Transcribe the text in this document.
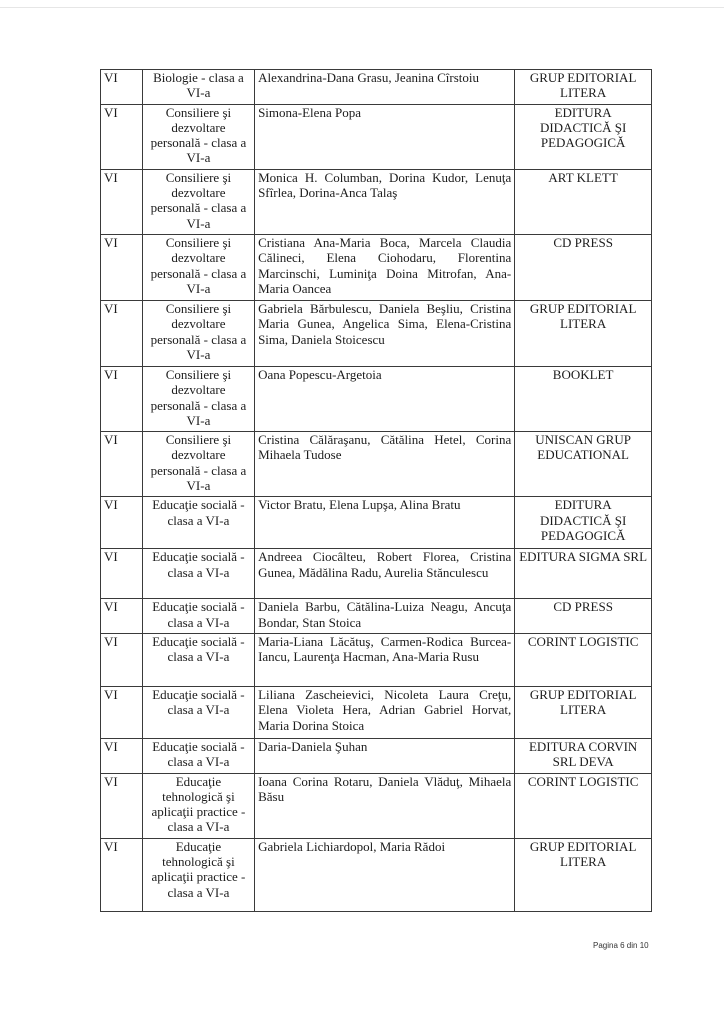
VI	Biologie - clasa a VI-a	Alexandrina-Dana Grasu, Jeanina Cîrstoiu	GRUP EDITORIAL LITERA
VI	Consiliere şi dezvoltare personală - clasa a VI-a	Simona-Elena Popa	EDITURA DIDACTICĂ ŞI PEDAGOGICĂ
VI	Consiliere şi dezvoltare personală - clasa a VI-a	Monica H. Columban, Dorina Kudor, Lenuţa Sfîrlea, Dorina-Anca Talaş	ART KLETT
VI	Consiliere şi dezvoltare personală - clasa a VI-a	Cristiana Ana-Maria Boca, Marcela Claudia Călineci, Elena Ciohodaru, Florentina Marcinschi, Luminiţa Doina Mitrofan, Ana-Maria Oancea	CD PRESS
VI	Consiliere şi dezvoltare personală - clasa a VI-a	Gabriela Bărbulescu, Daniela Beşliu, Cristina Maria Gunea, Angelica Sima, Elena-Cristina Sima, Daniela Stoicescu	GRUP EDITORIAL LITERA
VI	Consiliere şi dezvoltare personală - clasa a VI-a	Oana Popescu-Argetoia	BOOKLET
VI	Consiliere şi dezvoltare personală - clasa a VI-a	Cristina Călăraşanu, Cătălina Hetel, Corina Mihaela Tudose	UNISCAN GRUP EDUCATIONAL
VI	Educaţie socială - clasa a VI-a	Victor Bratu, Elena Lupşa, Alina Bratu	EDITURA DIDACTICĂ ŞI PEDAGOGICĂ
VI	Educaţie socială - clasa a VI-a	Andreea Ciocâlteu, Robert Florea, Cristina Gunea, Mădălina Radu, Aurelia Stănculescu	EDITURA SIGMA SRL
VI	Educaţie socială - clasa a VI-a	Daniela Barbu, Cătălina-Luiza Neagu, Ancuţa Bondar, Stan Stoica	CD PRESS
VI	Educaţie socială - clasa a VI-a	Maria-Liana Lăcătuş, Carmen-Rodica Burcea-Iancu, Laurenţa Hacman, Ana-Maria Rusu	CORINT LOGISTIC
VI	Educaţie socială - clasa a VI-a	Liliana Zascheievici, Nicoleta Laura Creţu, Elena Violeta Hera, Adrian Gabriel Horvat, Maria Dorina Stoica	GRUP EDITORIAL LITERA
VI	Educaţie socială - clasa a VI-a	Daria-Daniela Şuhan	EDITURA CORVIN SRL DEVA
VI	Educaţie tehnologică şi aplicaţii practice - clasa a VI-a	Ioana Corina Rotaru, Daniela Vlăduţ, Mihaela Băsu	CORINT LOGISTIC
VI	Educaţie tehnologică şi aplicaţii practice - clasa a VI-a	Gabriela Lichiardopol, Maria Rădoi	GRUP EDITORIAL LITERA
Pagina 6 din 10
